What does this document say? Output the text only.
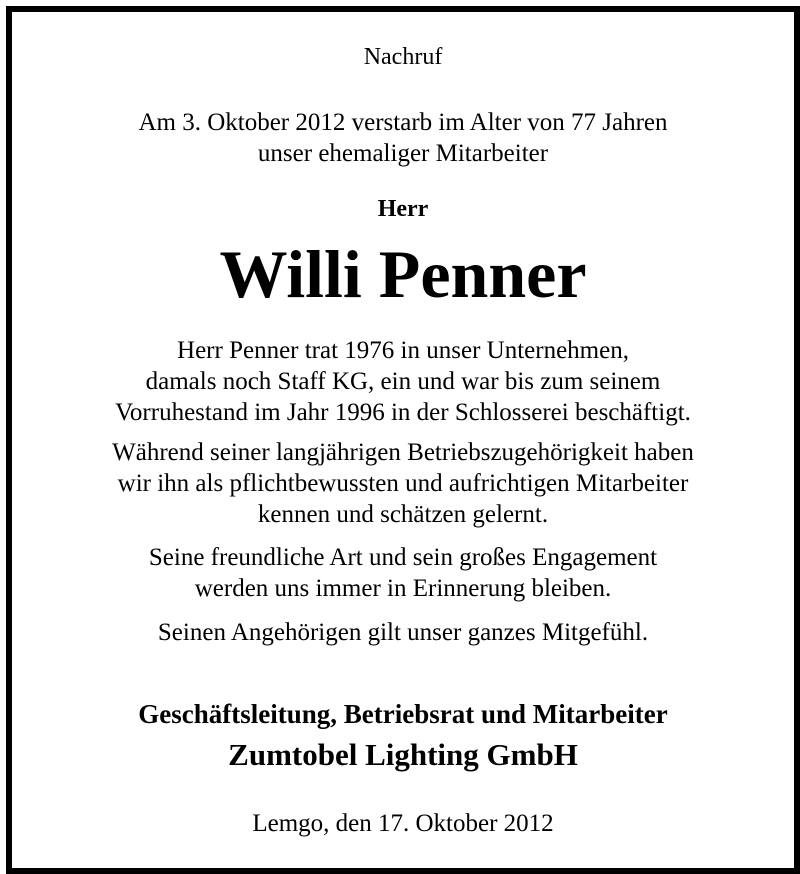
Nachruf
Am 3. Oktober 2012 verstarb im Alter von 77 Jahren
unser ehemaliger Mitarbeiter
Herr
Willi Penner
Herr Penner trat 1976 in unser Unternehmen,
damals noch Staff KG, ein und war bis zum seinem
Vorruhestand im Jahr 1996 in der Schlosserei beschäftigt.
Während seiner langjährigen Betriebszugehörigkeit haben
wir ihn als pflichtbewussten und aufrichtigen Mitarbeiter
kennen und schätzen gelernt.
Seine freundliche Art und sein großes Engagement
werden uns immer in Erinnerung bleiben.
Seinen Angehörigen gilt unser ganzes Mitgefühl.
Geschäftsleitung, Betriebsrat und Mitarbeiter
Zumtobel Lighting GmbH
Lemgo, den 17. Oktober 2012
